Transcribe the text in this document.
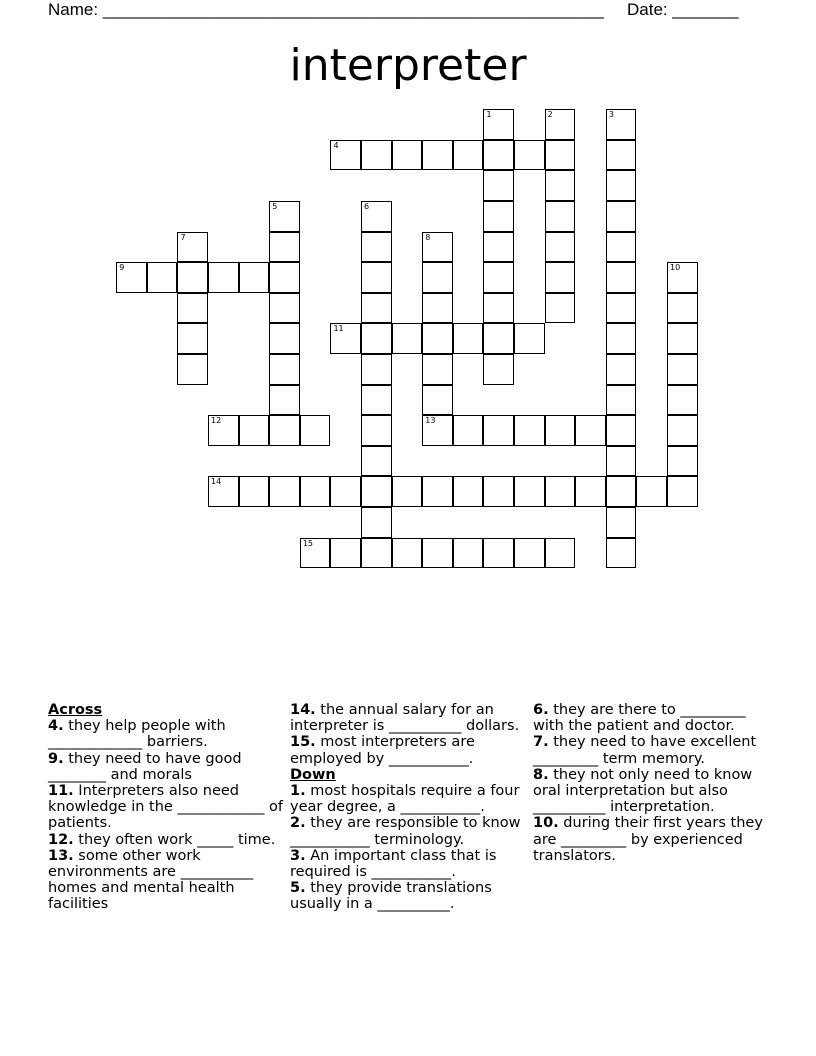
Name: _____________________________________________________ Date: _______
interpreter
1	2	3
4
5	6
7	8
13
9	10
11
12
14
15
Across
4. they help people with _____________ barriers.
9. they need to have good ________ and morals
11. Interpreters also need knowledge in the ____________ of patients.
12. they often work _____ time.
13. some other work environments are __________ homes and mental health facilities
14. the annual salary for an interpreter is __________ dollars.
15. most interpreters are employed by ___________.
Down
1. most hospitals require a four year degree, a ___________.
2. they are responsible to know ___________ terminology.
3. An important class that is required is ___________.
5. they provide translations usually in a __________.
6. they are there to _________ with the patient and doctor.
7. they need to have excellent _________ term memory.
8. they not only need to know oral interpretation but also __________ interpretation.
10. during their first years they are _________ by experienced translators.
